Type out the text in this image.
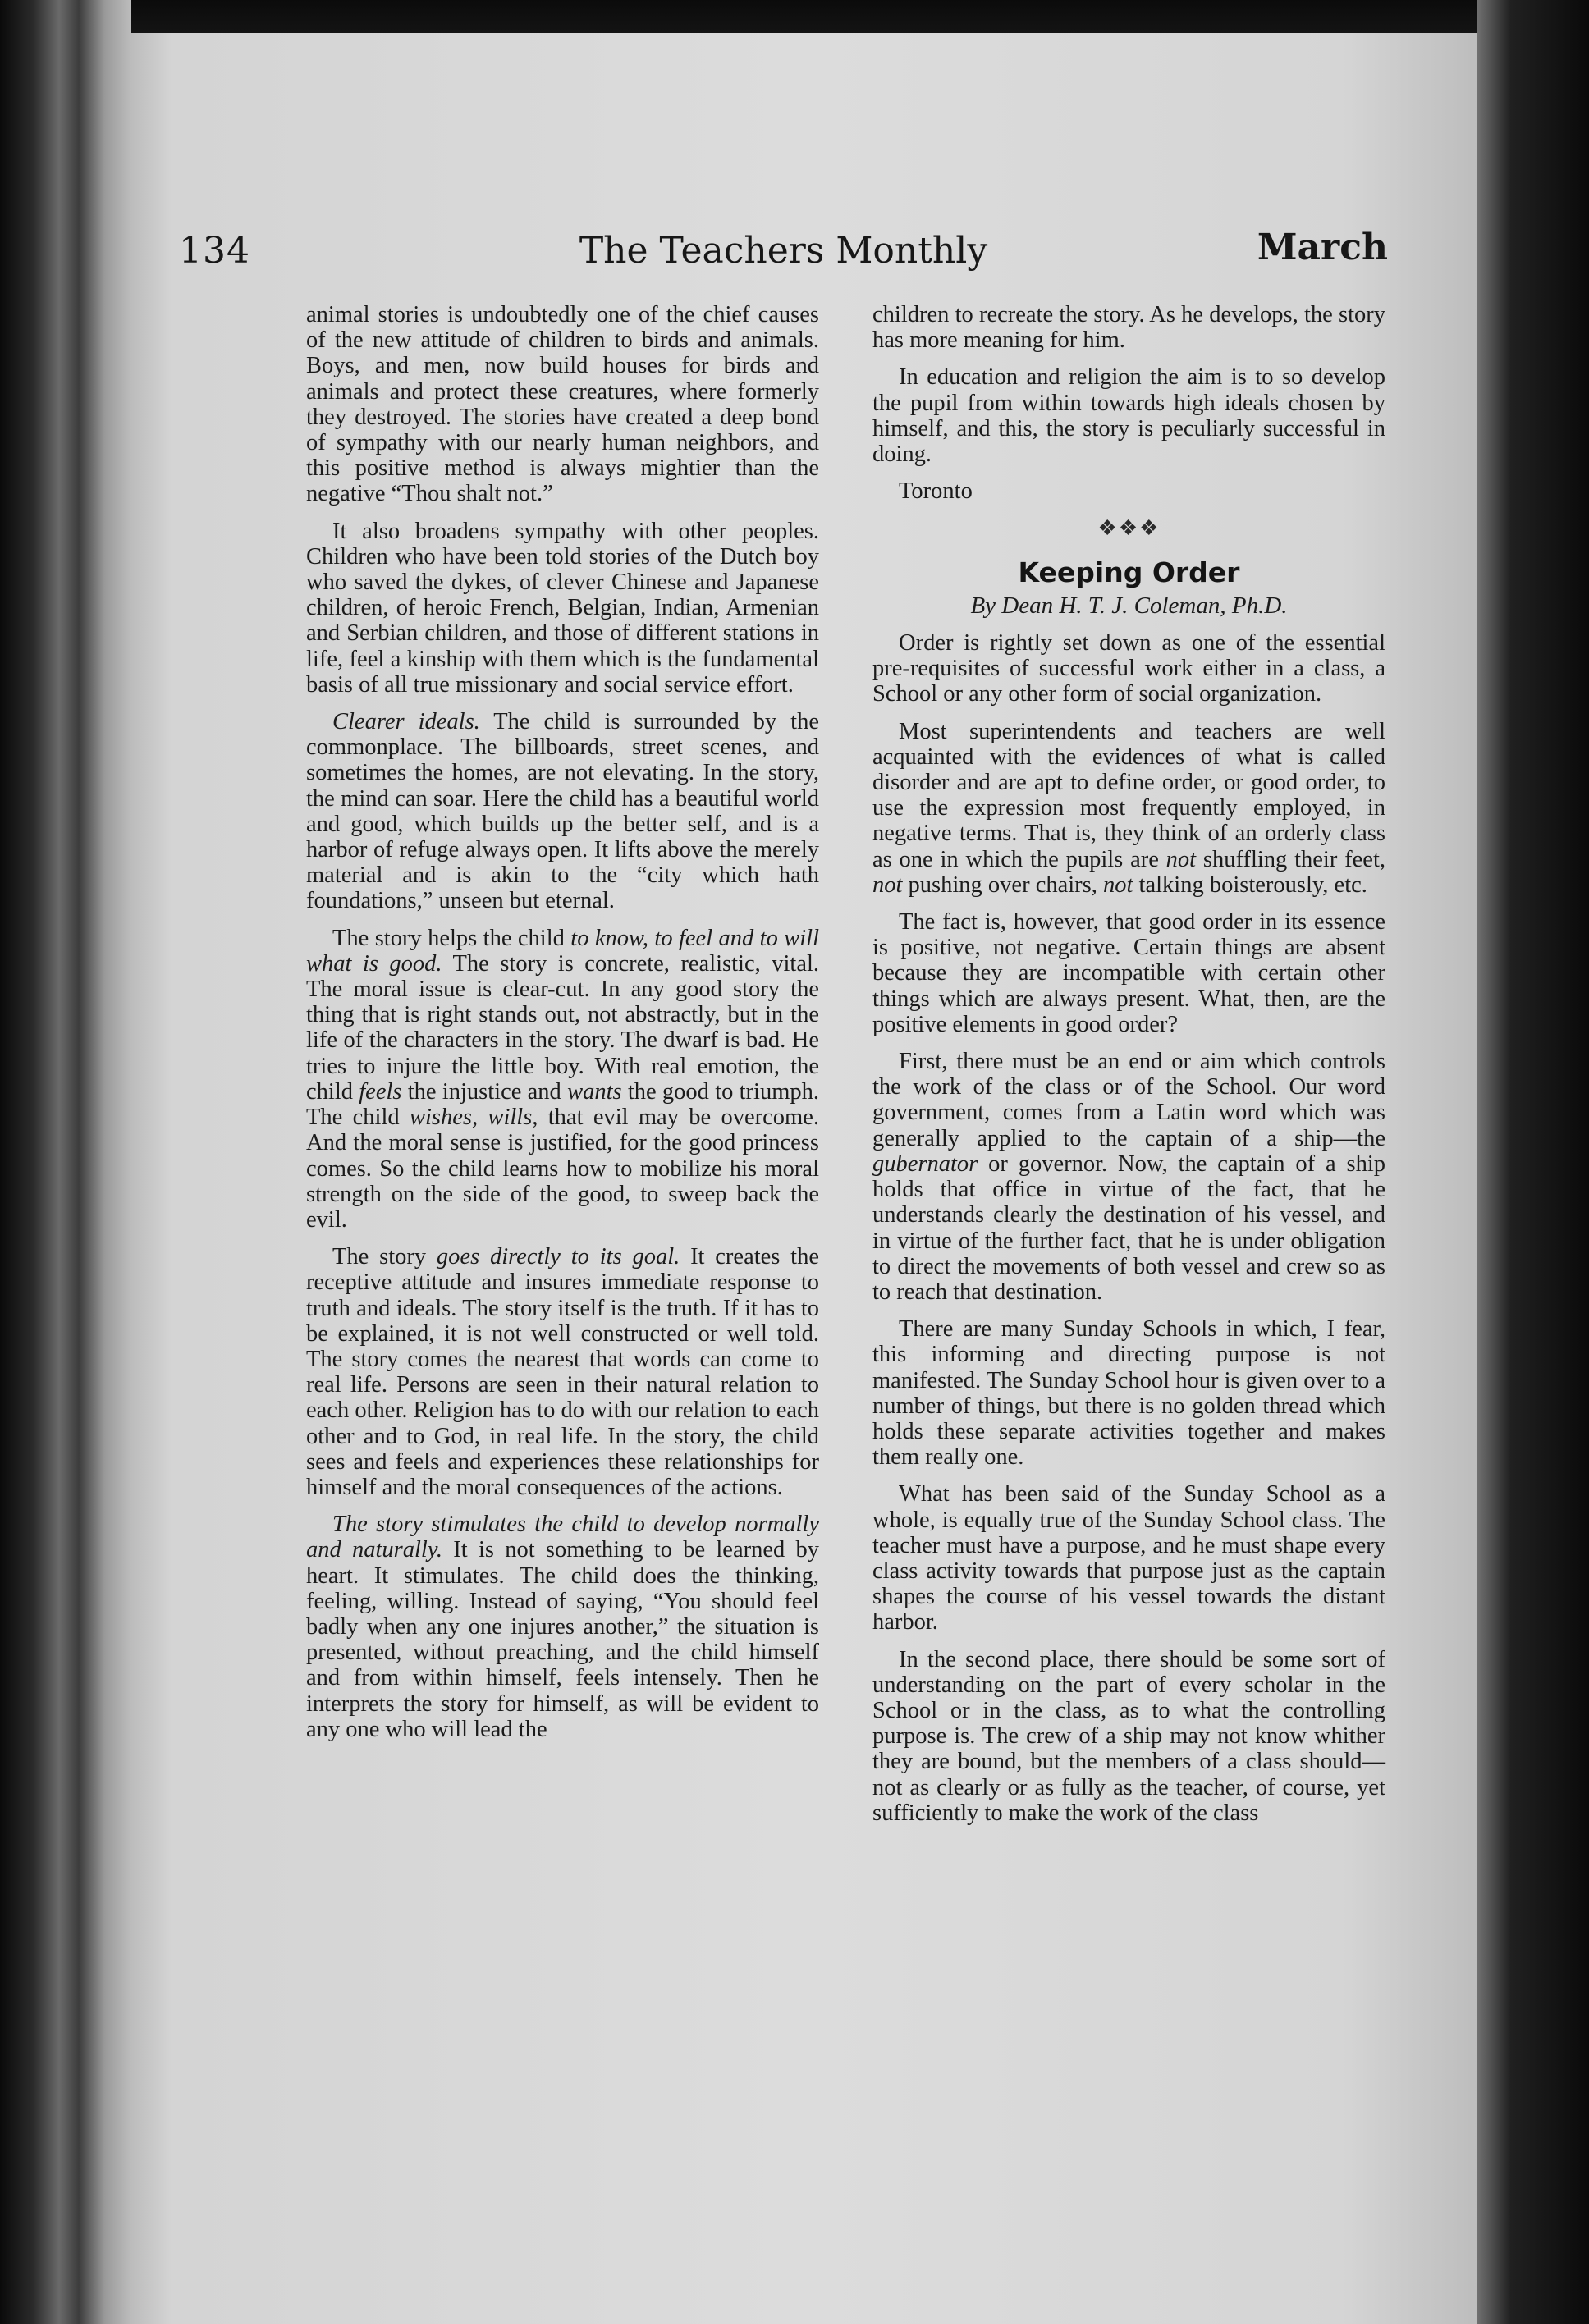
134	The Teachers Monthly	March

animal stories is undoubtedly one of the chief causes of the new attitude of children to birds and animals. Boys, and men, now build houses for birds and animals and protect these creatures, where formerly they destroyed. The stories have created a deep bond of sympathy with our nearly human neighbors, and this positive method is always mightier than the negative “Thou shalt not.”

It also broadens sympathy with other peoples. Children who have been told stories of the Dutch boy who saved the dykes, of clever Chinese and Japanese children, of heroic French, Belgian, Indian, Armenian and Serbian children, and those of different stations in life, feel a kinship with them which is the fundamental basis of all true missionary and social service effort.

Clearer ideals. The child is surrounded by the commonplace. The billboards, street scenes, and sometimes the homes, are not elevating. In the story, the mind can soar. Here the child has a beautiful world and good, which builds up the better self, and is a harbor of refuge always open. It lifts above the merely material and is akin to the “city which hath foundations,” unseen but eternal.

The story helps the child to know, to feel and to will what is good. The story is concrete, realistic, vital. The moral issue is clear-cut. In any good story the thing that is right stands out, not abstractly, but in the life of the characters in the story. The dwarf is bad. He tries to injure the little boy. With real emotion, the child feels the injustice and wants the good to triumph. The child wishes, wills, that evil may be overcome. And the moral sense is justified, for the good princess comes. So the child learns how to mobilize his moral strength on the side of the good, to sweep back the evil.

The story goes directly to its goal. It creates the receptive attitude and insures immediate response to truth and ideals. The story itself is the truth. If it has to be explained, it is not well constructed or well told. The story comes the nearest that words can come to real life. Persons are seen in their natural relation to each other. Religion has to do with our relation to each other and to God, in real life. In the story, the child sees and feels and experiences these relationships for himself and the moral consequences of the actions.

The story stimulates the child to develop normally and naturally. It is not something to be learned by heart. It stimulates. The child does the thinking, feeling, willing. Instead of saying, “You should feel badly when any one injures another,” the situation is presented, without preaching, and the child himself and from within himself, feels intensely. Then he interprets the story for himself, as will be evident to any one who will lead the

children to recreate the story. As he develops, the story has more meaning for him.

In education and religion the aim is to so develop the pupil from within towards high ideals chosen by himself, and this, the story is peculiarly successful in doing.

Toronto

❖❖❖
Keeping Order
By Dean H. T. J. Coleman, Ph.D.

Order is rightly set down as one of the essential pre-requisites of successful work either in a class, a School or any other form of social organization.

Most superintendents and teachers are well acquainted with the evidences of what is called disorder and are apt to define order, or good order, to use the expression most frequently employed, in negative terms. That is, they think of an orderly class as one in which the pupils are not shuffling their feet, not pushing over chairs, not talking boisterously, etc.

The fact is, however, that good order in its essence is positive, not negative. Certain things are absent because they are incompatible with certain other things which are always present. What, then, are the positive elements in good order?

First, there must be an end or aim which controls the work of the class or of the School. Our word government, comes from a Latin word which was generally applied to the captain of a ship—the gubernator or governor. Now, the captain of a ship holds that office in virtue of the fact, that he understands clearly the destination of his vessel, and in virtue of the further fact, that he is under obligation to direct the movements of both vessel and crew so as to reach that destination.

There are many Sunday Schools in which, I fear, this informing and directing purpose is not manifested. The Sunday School hour is given over to a number of things, but there is no golden thread which holds these separate activities together and makes them really one.

What has been said of the Sunday School as a whole, is equally true of the Sunday School class. The teacher must have a purpose, and he must shape every class activity towards that purpose just as the captain shapes the course of his vessel towards the distant harbor.

In the second place, there should be some sort of understanding on the part of every scholar in the School or in the class, as to what the controlling purpose is. The crew of a ship may not know whither they are bound, but the members of a class should—not as clearly or as fully as the teacher, of course, yet sufficiently to make the work of the class
